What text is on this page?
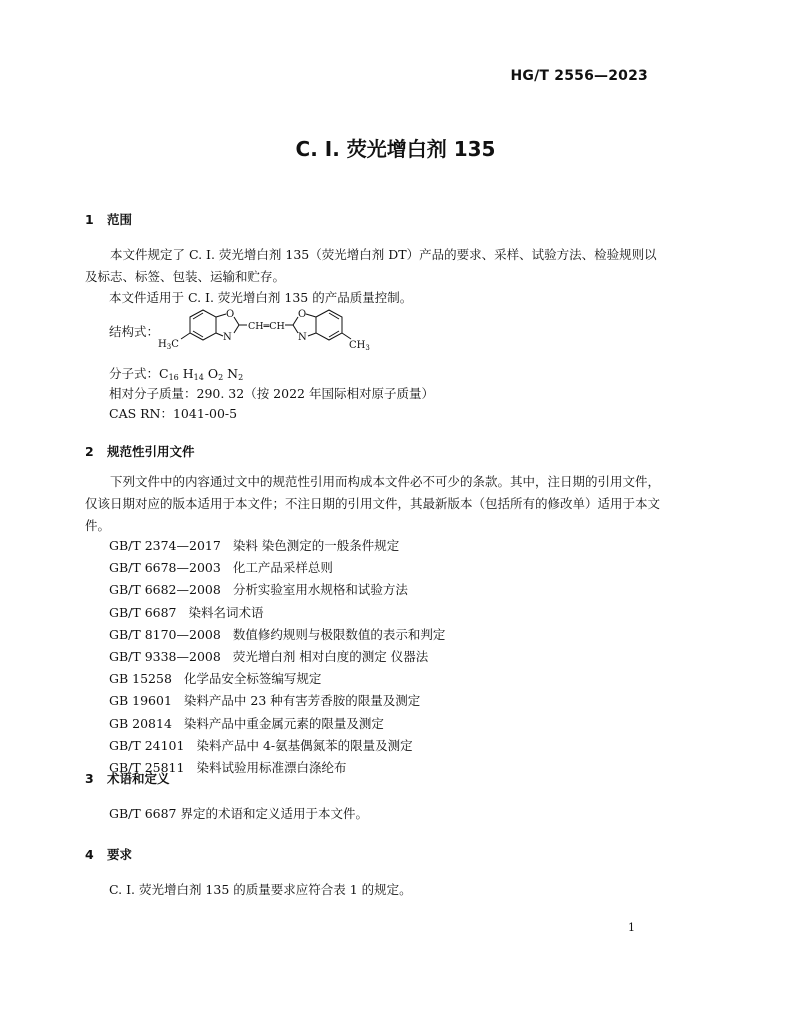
HG/T 2556—2023
C. I. 荧光增白剂 135
1 范围
本文件规定了 C. I. 荧光增白剂 135（荧光增白剂 DT）产品的要求、采样、试验方法、检验规则以及标志、标签、包装、运输和贮存。
本文件适用于 C. I. 荧光增白剂 135 的产品质量控制。
结构式：
O
N
$H_3C$
CH═CH
O
N
$CH_3$
分子式：$C_{16}$ $H_{14}$ $O_2$ $N_2$
相对分子质量：290. 32（按 2022 年国际相对原子质量）
CAS RN：1041-00-5
2 规范性引用文件
下列文件中的内容通过文中的规范性引用而构成本文件必不可少的条款。其中，注日期的引用文件，仅该日期对应的版本适用于本文件；不注日期的引用文件，其最新版本（包括所有的修改单）适用于本文件。
GB/T 2374—2017 染料 染色测定的一般条件规定
GB/T 6678—2003 化工产品采样总则
GB/T 6682—2008 分析实验室用水规格和试验方法
GB/T 6687 染料名词术语
GB/T 8170—2008 数值修约规则与极限数值的表示和判定
GB/T 9338—2008 荧光增白剂 相对白度的测定 仪器法
GB 15258 化学品安全标签编写规定
GB 19601 染料产品中 23 种有害芳香胺的限量及测定
GB 20814 染料产品中重金属元素的限量及测定
GB/T 24101 染料产品中 4-氨基偶氮苯的限量及测定
GB/T 25811 染料试验用标准漂白涤纶布
3 术语和定义
GB/T 6687 界定的术语和定义适用于本文件。
4 要求
C. I. 荧光增白剂 135 的质量要求应符合表 1 的规定。
1
